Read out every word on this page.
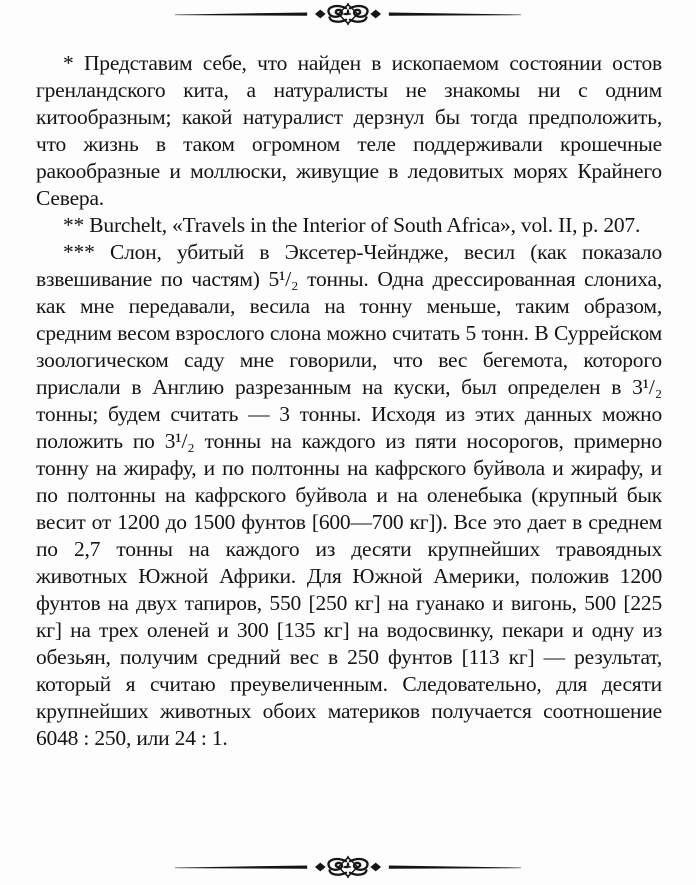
* Представим себе, что найден в ископаемом состоянии остов гренландского кита, а натуралисты не знакомы ни с одним китообразным; какой натуралист дерзнул бы тогда предположить, что жизнь в таком огромном теле поддерживали крошечные ракообразные и моллюски, живущие в ледовитых морях Крайнего Севера.

** Burchelt, «Travels in the Interior of South Africa», vol. II, p. 207.

*** Слон, убитый в Эксетер-Чейндже, весил (как показало взвешивание по частям) 5¹/₂ тонны. Одна дрессированная слониха, как мне передавали, весила на тонну меньше, таким образом, средним весом взрослого слона можно считать 5 тонн. В Суррейском зоологическом саду мне говорили, что вес бегемота, которого прислали в Англию разрезанным на куски, был определен в 3¹/₂ тонны; будем считать — 3 тонны. Исходя из этих данных можно положить по 3¹/₂ тонны на каждого из пяти носорогов, примерно тонну на жирафу, и по полтонны на кафрского буйвола и жирафу, и по полтонны на кафрского буйвола и на оленебыка (крупный бык весит от 1200 до 1500 фунтов [600—700 кг]). Все это дает в среднем по 2,7 тонны на каждого из десяти крупнейших травоядных животных Южной Африки. Для Южной Америки, положив 1200 фунтов на двух тапиров, 550 [250 кг] на гуанако и вигонь, 500 [225 кг] на трех оленей и 300 [135 кг] на водосвинку, пекари и одну из обезьян, получим средний вес в 250 фунтов [113 кг] — результат, который я считаю преувеличенным. Следовательно, для десяти крупнейших животных обоих материков получается соотношение 6048 : 250, или 24 : 1.
